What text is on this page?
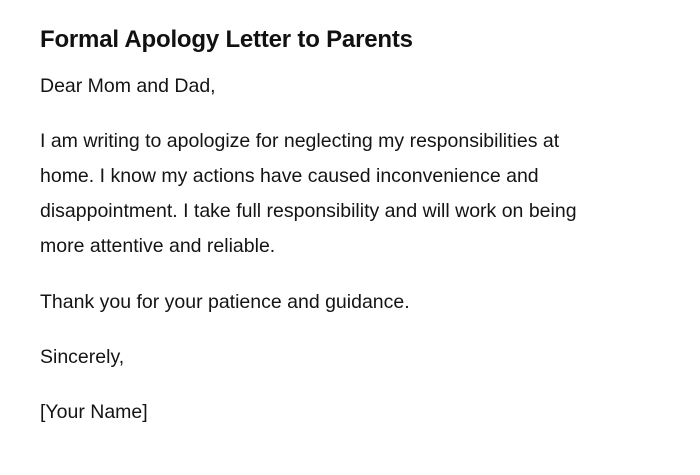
Formal Apology Letter to Parents

Dear Mom and Dad,

I am writing to apologize for neglecting my responsibilities at
home. I know my actions have caused inconvenience and
disappointment. I take full responsibility and will work on being
more attentive and reliable.

Thank you for your patience and guidance.

Sincerely,

[Your Name]
